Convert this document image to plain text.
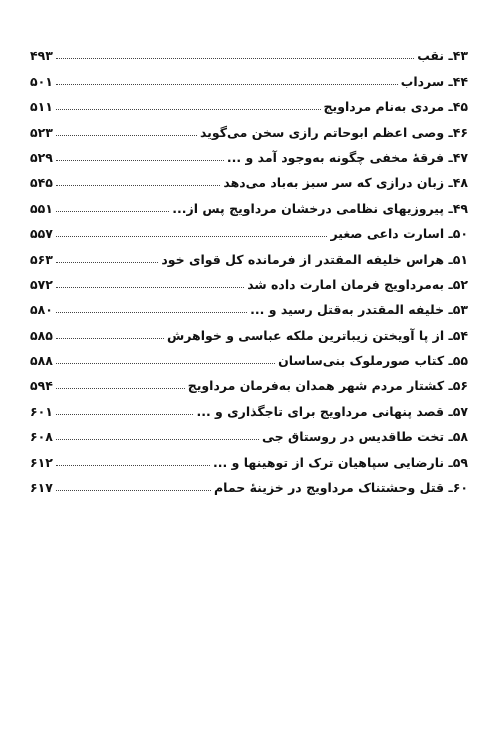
۴۳ـ نقب
۴۹۳
۴۴ـ سرداب
۵۰۱
۴۵ـ مردی به‌نام مرداویج
۵۱۱
۴۶ـ وصی اعظم ابوحاتم رازی سخن می‌گوید
۵۲۳
۴۷ـ فرقهٔ مخفی چگونه به‌وجود آمد و ...
۵۲۹
۴۸ـ زبانِ درازی که سر سبز به‌باد می‌دهد
۵۴۵
۴۹ـ پیروزیهای نظامی درخشان مرداویج پس از...
۵۵۱
۵۰ـ اسارت داعی صغیر
۵۵۷
۵۱ـ هراس خلیفه المقتدر از فرمانده کل قوای خود
۵۶۳
۵۲ـ به‌مرداویج فرمان امارت داده شد
۵۷۲
۵۳ـ خلیفه المقتدر به‌قتل رسید و ...
۵۸۰
۵۴ـ از پا آویختن زیباترین ملکه عباسی و خواهرش
۵۸۵
۵۵ـ کتاب صورملوک بنی‌ساسان
۵۸۸
۵۶ـ کشتار مردم شهر همدان به‌فرمان مرداویج
۵۹۴
۵۷ـ قصد پنهانی مرداویج برای تاجگذاری و ...
۶۰۱
۵۸ـ تخت طاقدیس در روستاق جی
۶۰۸
۵۹ـ نارضایی سپاهیان ترک از توهینها و ...
۶۱۲
۶۰ـ قتل وحشتناک مرداویج در خزینهٔ حمام
۶۱۷
